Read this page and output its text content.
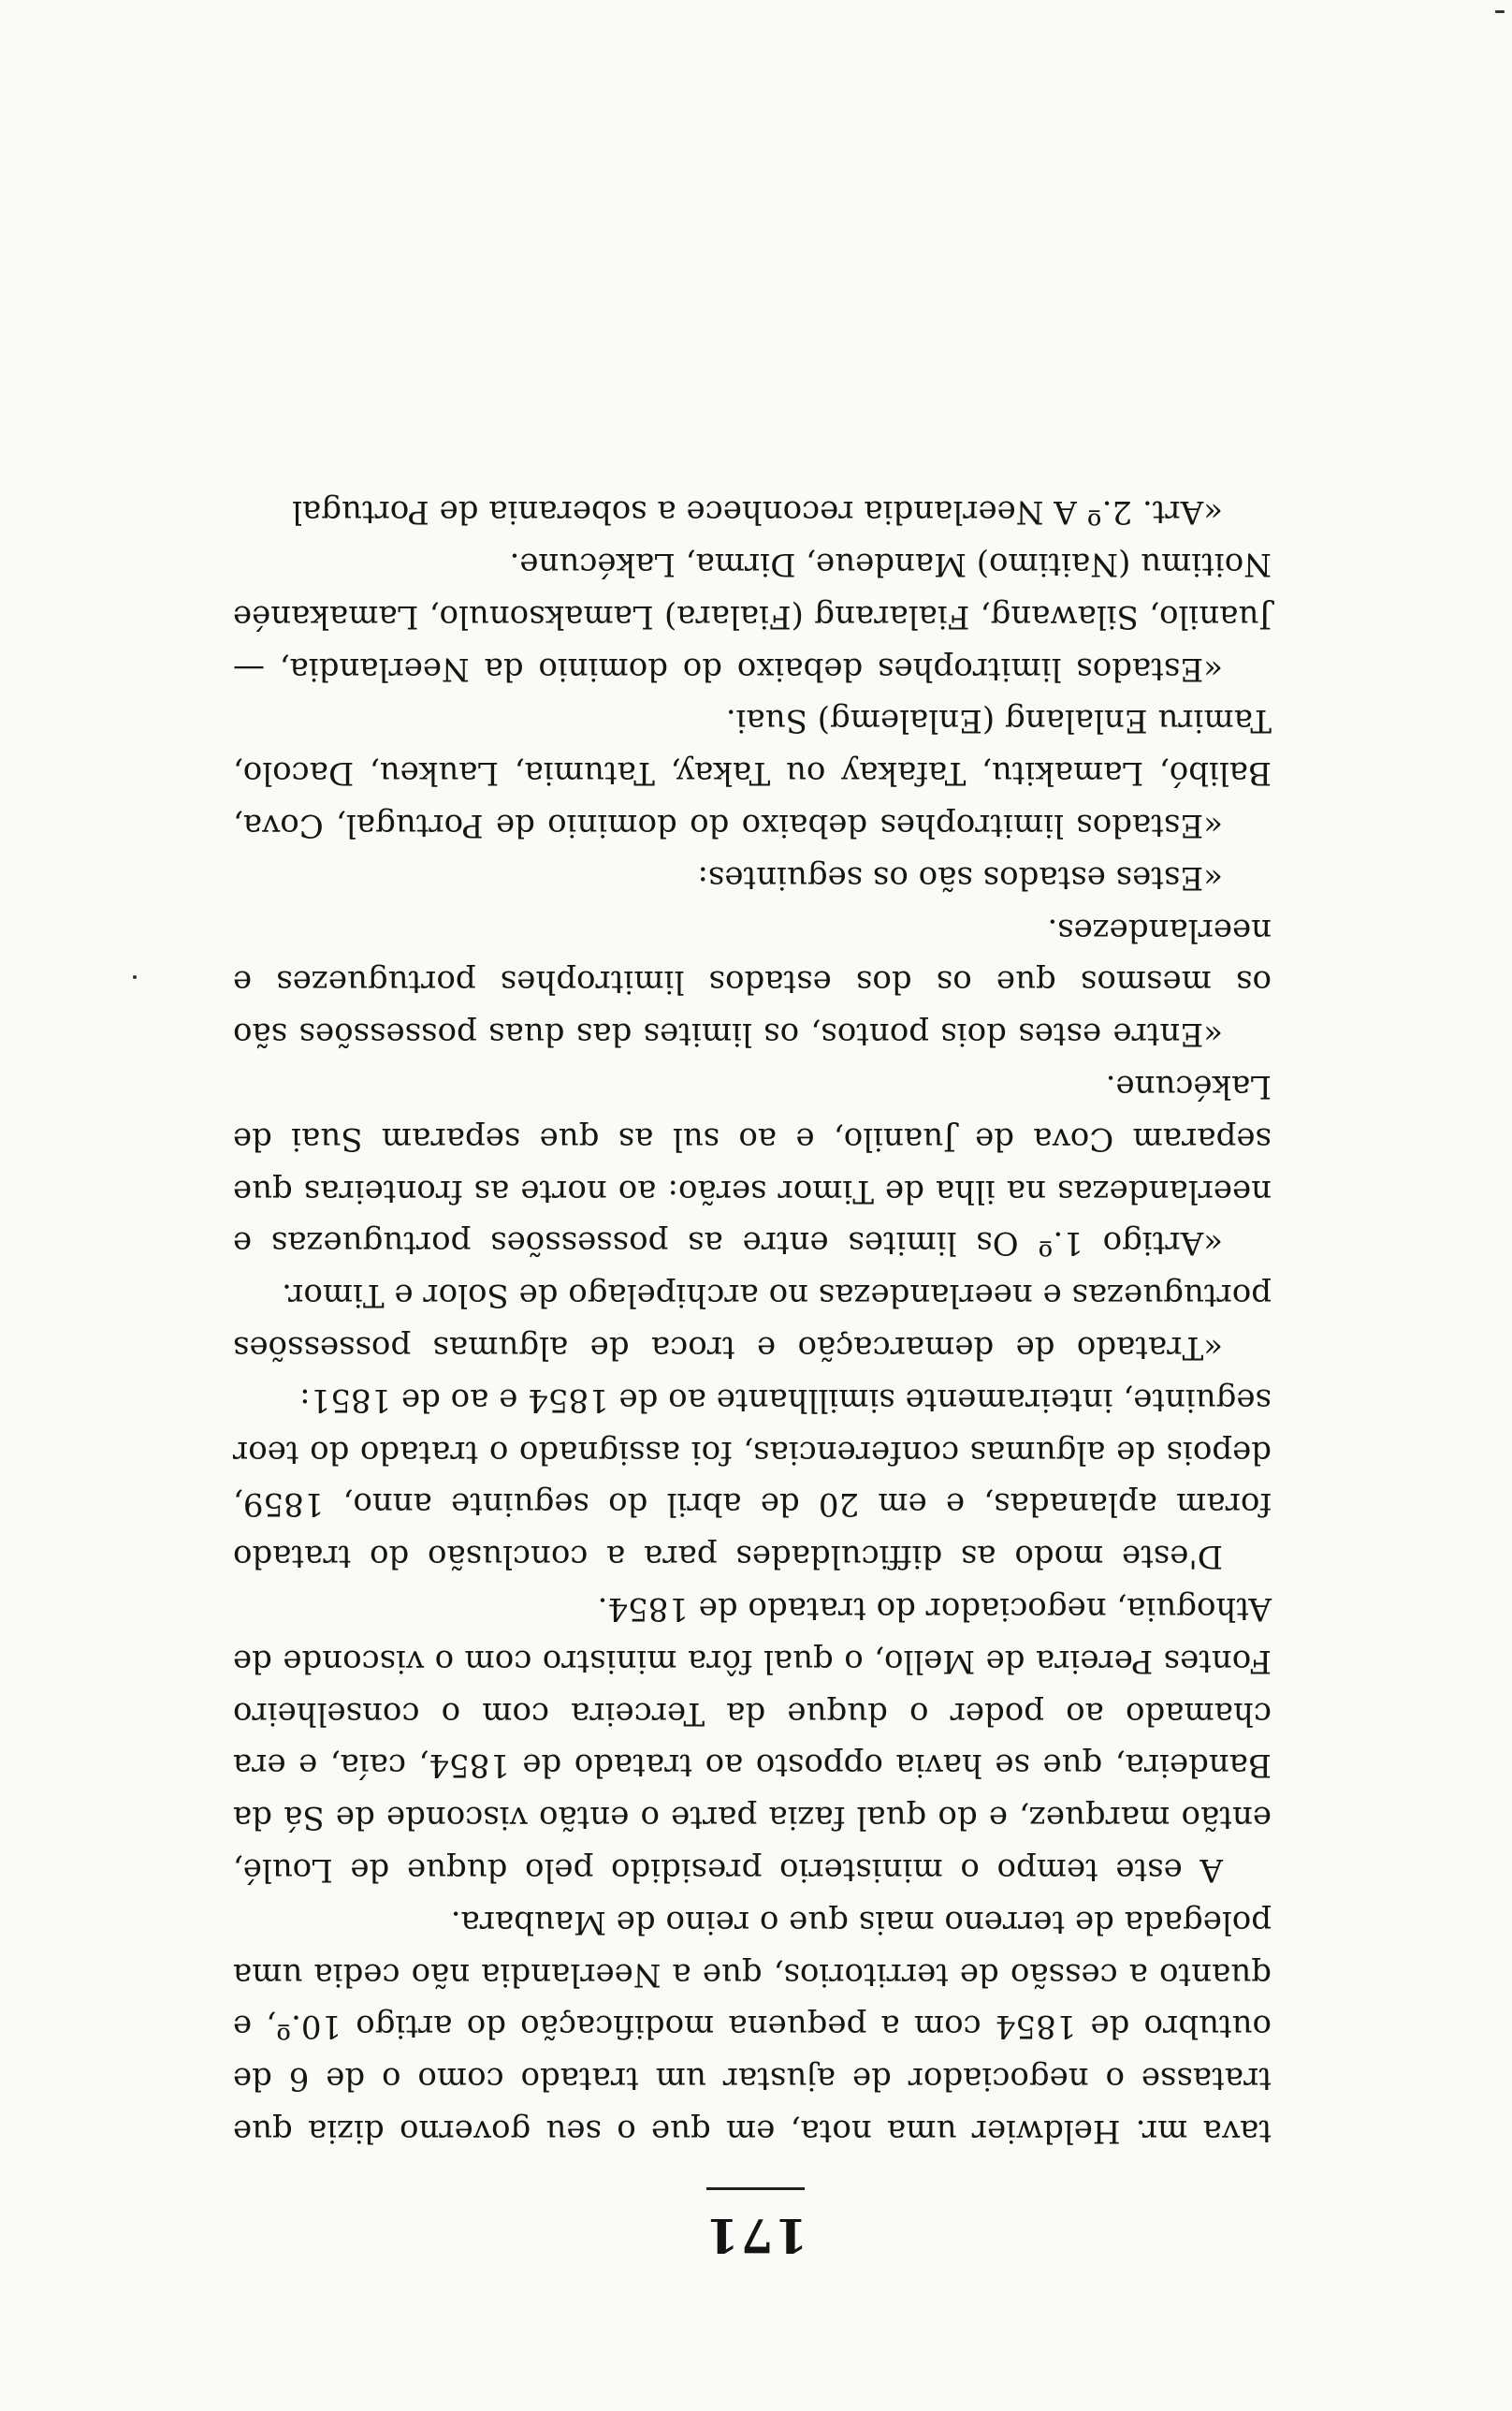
171

tava mr. Heldwier uma nota, em que o seu governo dizia que tratasse o negociador de ajustar um tratado como o de 6 de outubro de 1854 com a pequena modificação do artigo 10.º, e quanto a cessão de territorios, que a Neerlandia não cedia uma polegada de terreno mais que o reino de Maubara.

A este tempo o ministerio presidido pelo duque de Loulé, então marquez, e do qual fazia parte o então visconde de Sá da Bandeira, que se havia opposto ao tratado de 1854, caía, e era chamado ao poder o duque da Terceira com o conselheiro Fontes Pereira de Mello, o qual fôra ministro com o visconde de Athoguia, negociador do tratado de 1854.

D'este modo as difficuldades para a conclusão do tratado foram aplanadas, e em 20 de abril do seguinte anno, 1859, depois de algumas conferencias, foi assignado o tratado do teor seguinte, inteiramente simillhante ao de 1854 e ao de 1851:

«Tratado de demarcação e troca de algumas possessões portuguezas e neerlandezas no archipelago de Solor e Timor.

«Artigo 1.º Os limites entre as possessões portuguezas e neerlandezas na ilha de Timor serão: ao norte as fronteiras que separam Cova de Juanilo, e ao sul as que separam Suai de Lakécune.

«Entre estes dois pontos, os limites das duas possessões são os mesmos que os dos estados limitrophes portuguezes e neerlandezes.

«Estes estados são os seguintes:

«Estados limitrophes debaixo do dominio de Portugal, Cova, Balibó, Lamakitu, Tafakay ou Takay, Tatumia, Laukeu, Dacolo, Tamiru Enlalang (Enlalemg) Suai.

«Estados limitrophes debaixo do dominio da Neerlandia, — Juanilo, Silawang, Fialarang (Fialara) Lamaksonulo, Lamakanée Noitimu (Naitimo) Mandeue, Dirma, Lakécune.

«Art. 2.º A Neerlandia reconhece a soberania de Portugal
